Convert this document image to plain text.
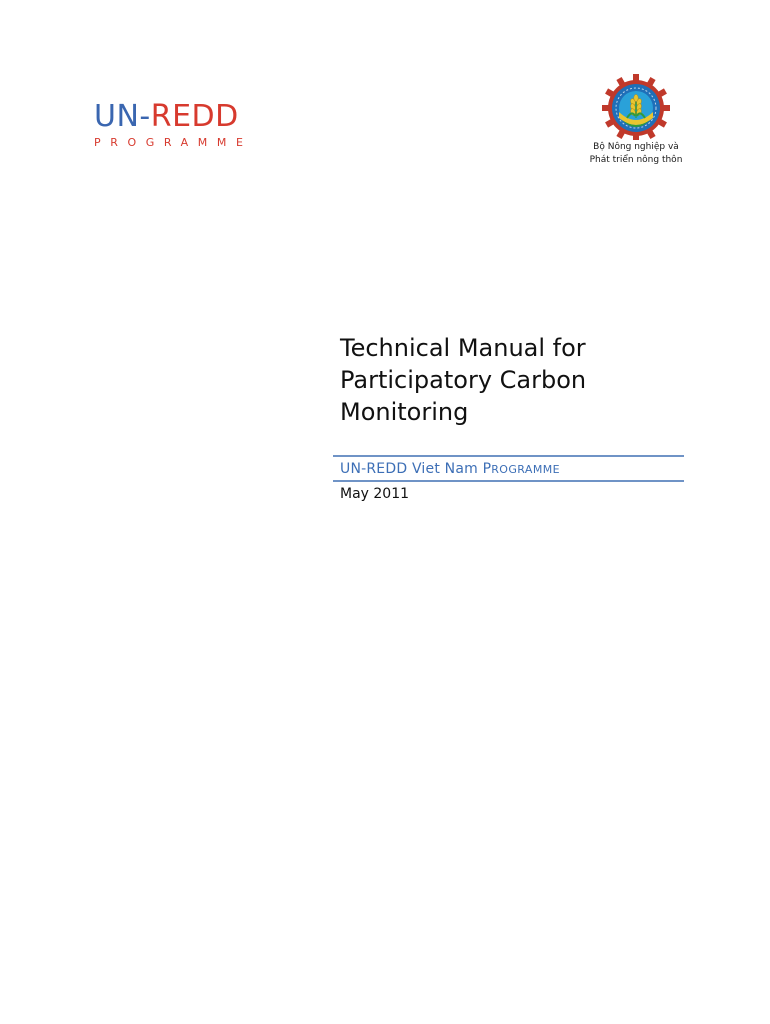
UN-REDD
PROGRAMME	Bộ Nông nghiệp và
Phát triển nông thôn
Technical Manual for
Participatory Carbon
Monitoring
UN-REDD Viet Nam PROGRAMME
May 2011
